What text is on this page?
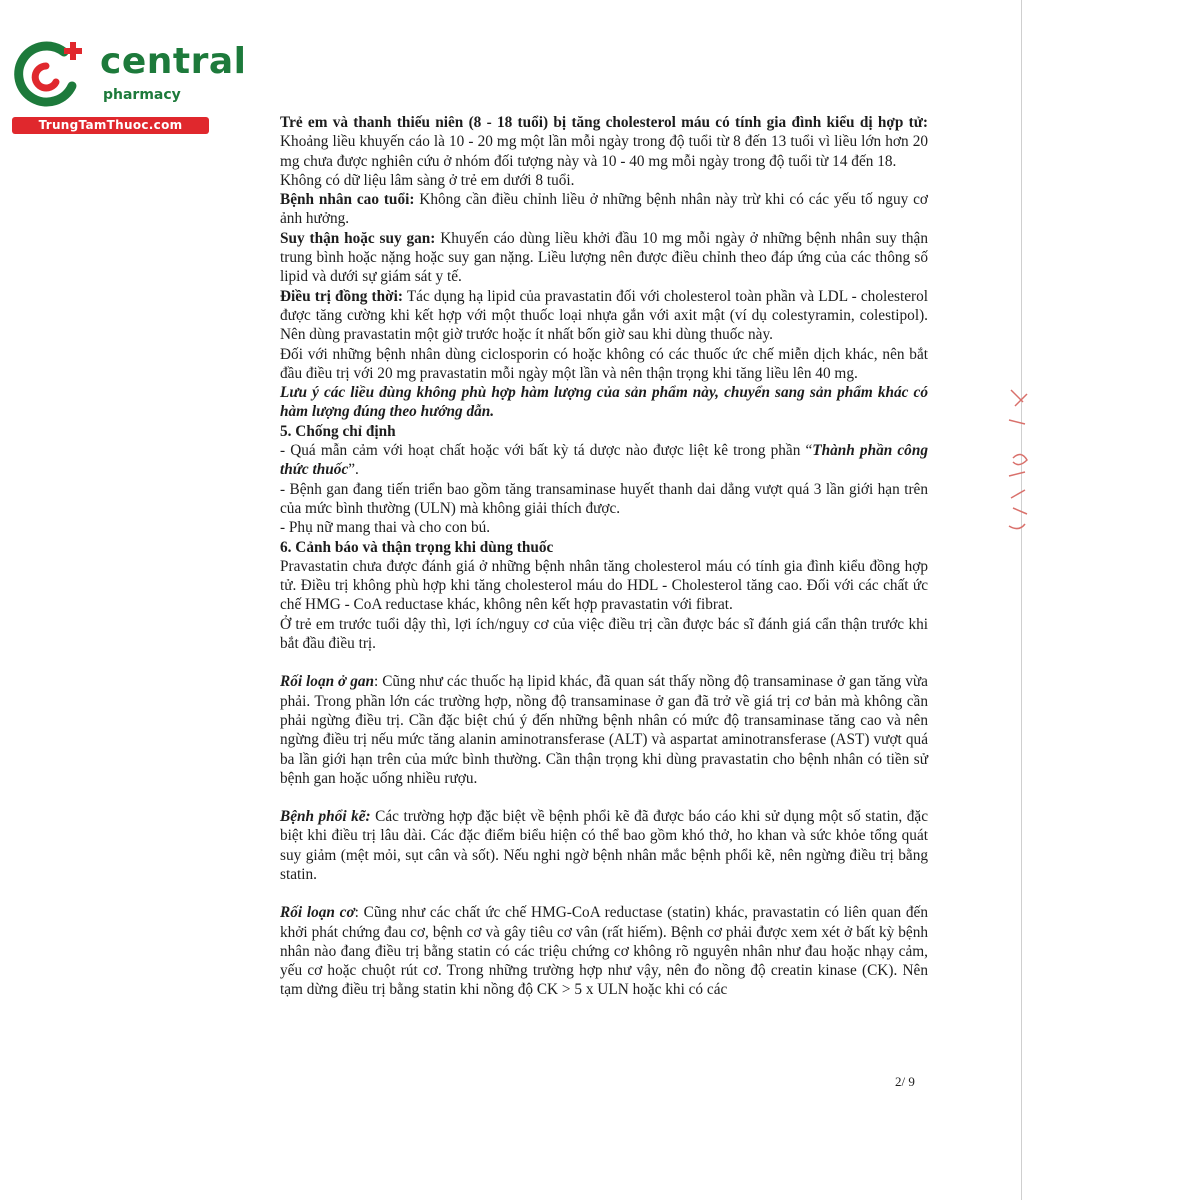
central
pharmacy
TrungTamThuoc.com	Trẻ em và thanh thiếu niên (8 - 18 tuổi) bị tăng cholesterol máu có tính gia đình kiểu dị hợp tử: Khoảng liều khuyến cáo là 10 - 20 mg một lần mỗi ngày trong độ tuổi từ 8 đến 13 tuổi vì liều lớn hơn 20 mg chưa được nghiên cứu ở nhóm đối tượng này và 10 - 40 mg mỗi ngày trong độ tuổi từ 14 đến 18.

Không có dữ liệu lâm sàng ở trẻ em dưới 8 tuổi.

Bệnh nhân cao tuổi: Không cần điều chỉnh liều ở những bệnh nhân này trừ khi có các yếu tố nguy cơ ảnh hưởng.

Suy thận hoặc suy gan: Khuyến cáo dùng liều khởi đầu 10 mg mỗi ngày ở những bệnh nhân suy thận trung bình hoặc nặng hoặc suy gan nặng. Liều lượng nên được điều chỉnh theo đáp ứng của các thông số lipid và dưới sự giám sát y tế.

Điều trị đồng thời: Tác dụng hạ lipid của pravastatin đối với cholesterol toàn phần và LDL - cholesterol được tăng cường khi kết hợp với một thuốc loại nhựa gắn với axit mật (ví dụ colestyramin, colestipol). Nên dùng pravastatin một giờ trước hoặc ít nhất bốn giờ sau khi dùng thuốc này.

Đối với những bệnh nhân dùng ciclosporin có hoặc không có các thuốc ức chế miễn dịch khác, nên bắt đầu điều trị với 20 mg pravastatin mỗi ngày một lần và nên thận trọng khi tăng liều lên 40 mg.

Lưu ý các liều dùng không phù hợp hàm lượng của sản phẩm này, chuyển sang sản phẩm khác có hàm lượng đúng theo hướng dẫn.

5. Chống chỉ định

- Quá mẫn cảm với hoạt chất hoặc với bất kỳ tá dược nào được liệt kê trong phần “Thành phần công thức thuốc”.

- Bệnh gan đang tiến triển bao gồm tăng transaminase huyết thanh dai dẳng vượt quá 3 lần giới hạn trên của mức bình thường (ULN) mà không giải thích được.

- Phụ nữ mang thai và cho con bú.

6. Cảnh báo và thận trọng khi dùng thuốc

Pravastatin chưa được đánh giá ở những bệnh nhân tăng cholesterol máu có tính gia đình kiểu đồng hợp tử. Điều trị không phù hợp khi tăng cholesterol máu do HDL - Cholesterol tăng cao. Đối với các chất ức chế HMG - CoA reductase khác, không nên kết hợp pravastatin với fibrat.

Ở trẻ em trước tuổi dậy thì, lợi ích/nguy cơ của việc điều trị cần được bác sĩ đánh giá cẩn thận trước khi bắt đầu điều trị.

Rối loạn ở gan: Cũng như các thuốc hạ lipid khác, đã quan sát thấy nồng độ transaminase ở gan tăng vừa phải. Trong phần lớn các trường hợp, nồng độ transaminase ở gan đã trở về giá trị cơ bản mà không cần phải ngừng điều trị. Cần đặc biệt chú ý đến những bệnh nhân có mức độ transaminase tăng cao và nên ngừng điều trị nếu mức tăng alanin aminotransferase (ALT) và aspartat aminotransferase (AST) vượt quá ba lần giới hạn trên của mức bình thường. Cần thận trọng khi dùng pravastatin cho bệnh nhân có tiền sử bệnh gan hoặc uống nhiều rượu.

Bệnh phổi kẽ: Các trường hợp đặc biệt về bệnh phổi kẽ đã được báo cáo khi sử dụng một số statin, đặc biệt khi điều trị lâu dài. Các đặc điểm biểu hiện có thể bao gồm khó thở, ho khan và sức khỏe tổng quát suy giảm (mệt mỏi, sụt cân và sốt). Nếu nghi ngờ bệnh nhân mắc bệnh phổi kẽ, nên ngừng điều trị bằng statin.

Rối loạn cơ: Cũng như các chất ức chế HMG-CoA reductase (statin) khác, pravastatin có liên quan đến khởi phát chứng đau cơ, bệnh cơ và gây tiêu cơ vân (rất hiếm). Bệnh cơ phải được xem xét ở bất kỳ bệnh nhân nào đang điều trị bằng statin có các triệu chứng cơ không rõ nguyên nhân như đau hoặc nhạy cảm, yếu cơ hoặc chuột rút cơ. Trong những trường hợp như vậy, nên đo nồng độ creatin kinase (CK). Nên tạm dừng điều trị bằng statin khi nồng độ CK > 5 x ULN hoặc khi có các

2/ 9
